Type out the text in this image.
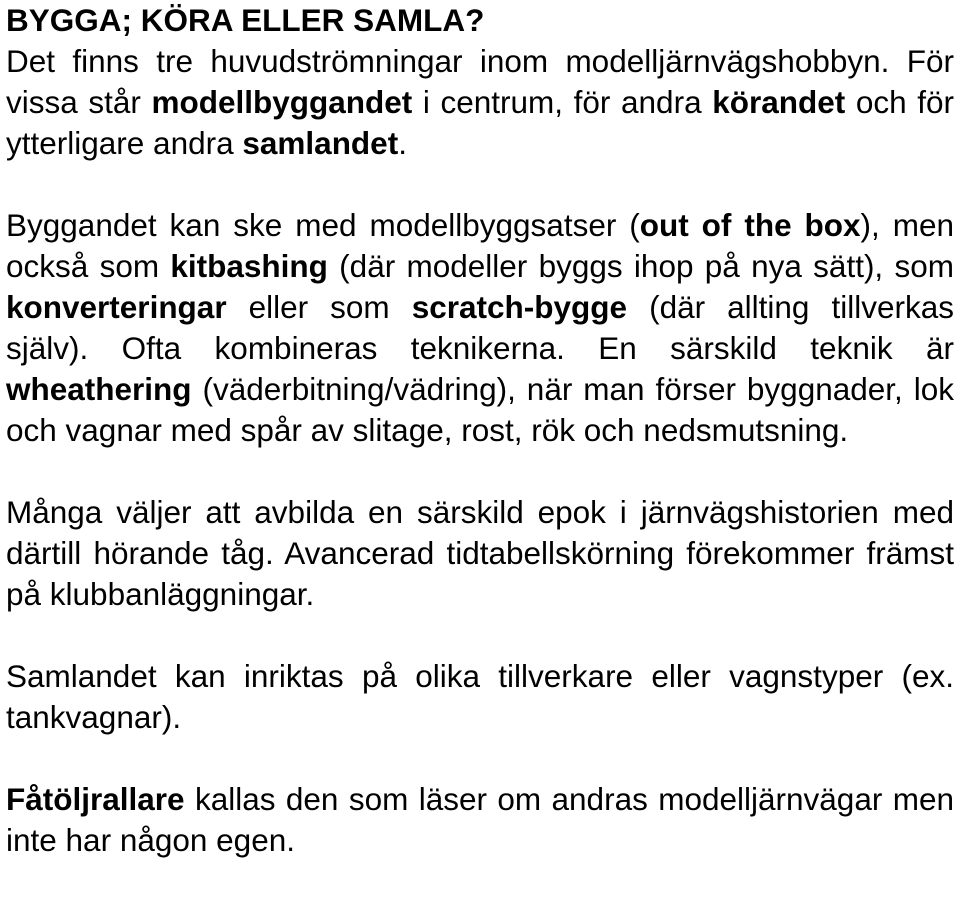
BYGGA; KÖRA ELLER SAMLA?

Det finns tre huvudströmningar inom modelljärnvägshobbyn. För vissa står modellbyggandet i centrum, för andra körandet och för ytterligare andra samlandet.

Byggandet kan ske med modellbyggsatser (out of the box), men också som kitbashing (där modeller byggs ihop på nya sätt), som konverteringar eller som scratch-bygge (där allting tillverkas själv). Ofta kombineras teknikerna. En särskild teknik är wheathering (väderbitning/vädring), när man förser byggnader, lok och vagnar med spår av slitage, rost, rök och nedsmutsning.

Många väljer att avbilda en särskild epok i järnvägshistorien med därtill hörande tåg. Avancerad tidtabellskörning förekommer främst på klubbanläggningar.

Samlandet kan inriktas på olika tillverkare eller vagnstyper (ex. tankvagnar).

Fåtöljrallare kallas den som läser om andras modelljärnvägar men inte har någon egen.
